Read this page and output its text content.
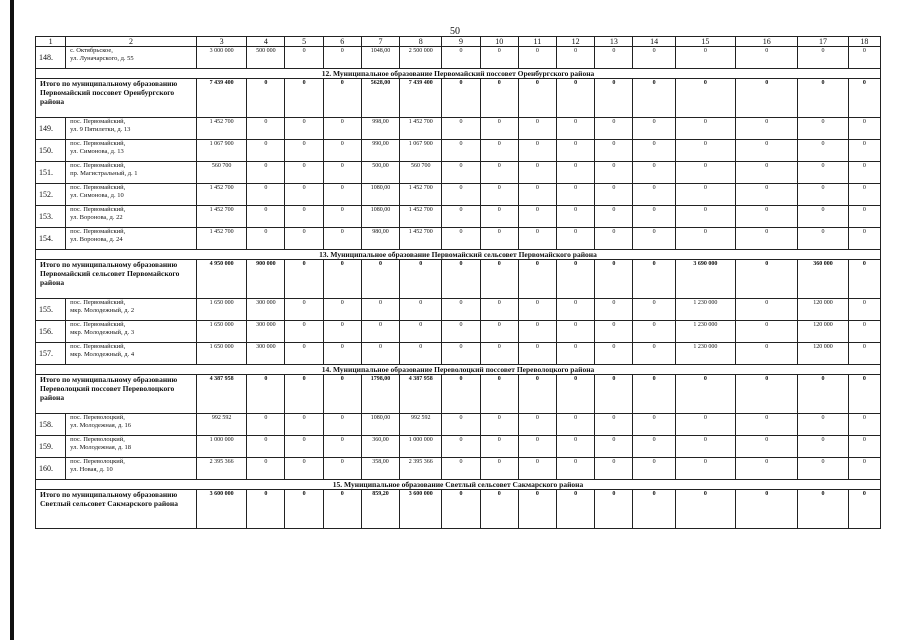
50
1	2	3	4	5	6	7	8	9	10	11	12	13	14	15	16	17	18
148.	с. Октябрьское,
ул. Луначарского, д. 55	3 000 000	500 000	0	0	1048,00	2 500 000	0	0	0	0	0	0	0	0	0	0
12. Муниципальное образование Первомайский поссовет Оренбургского района																	
Итого по муниципальному образованию Первомайский поссовет Оренбургского района		7 439 400	0	0	0	5628,00	7 439 400	0	0	0	0	0	0	0	0	0	0
149.	пос. Первомайский,
ул. 9 Пятилетки, д. 13	1 452 700	0	0	0	998,00	1 452 700	0	0	0	0	0	0	0	0	0	0
150.	пос. Первомайский,
ул. Симонова, д. 13	1 067 900	0	0	0	990,00	1 067 900	0	0	0	0	0	0	0	0	0	0
151.	пос. Первомайский,
пр. Магистральный, д. 1	560 700	0	0	0	500,00	560 700	0	0	0	0	0	0	0	0	0	0
152.	пос. Первомайский,
ул. Симонова, д. 10	1 452 700	0	0	0	1080,00	1 452 700	0	0	0	0	0	0	0	0	0	0
153.	пос. Первомайский,
ул. Воронова, д. 22	1 452 700	0	0	0	1080,00	1 452 700	0	0	0	0	0	0	0	0	0	0
154.	пос. Первомайский,
ул. Воронова, д. 24	1 452 700	0	0	0	980,00	1 452 700	0	0	0	0	0	0	0	0	0	0
13. Муниципальное образование Первомайский сельсовет Первомайского района																	
Итого по муниципальному образованию Первомайский сельсовет Первомайского района		4 950 000	900 000	0	0	0	0	0	0	0	0	0	0	3 690 000	0	360 000	0
155.	пос. Первомайский,
мкр. Молодежный, д. 2	1 650 000	300 000	0	0	0	0	0	0	0	0	0	0	1 230 000	0	120 000	0
156.	пос. Первомайский,
мкр. Молодежный, д. 3	1 650 000	300 000	0	0	0	0	0	0	0	0	0	0	1 230 000	0	120 000	0
157.	пос. Первомайский,
мкр. Молодежный, д. 4	1 650 000	300 000	0	0	0	0	0	0	0	0	0	0	1 230 000	0	120 000	0
14. Муниципальное образование Переволоцкий поссовет Переволоцкого района																	
Итого по муниципальному образованию Переволоцкий поссовет Переволоцкого района		4 387 958	0	0	0	1798,00	4 387 958	0	0	0	0	0	0	0	0	0	0
158.	пос. Переволоцкий,
ул. Молодежная, д. 16	992 592	0	0	0	1080,00	992 592	0	0	0	0	0	0	0	0	0	0
159.	пос. Переволоцкий,
ул. Молодежная, д. 18	1 000 000	0	0	0	360,00	1 000 000	0	0	0	0	0	0	0	0	0	0
160.	пос. Переволоцкий,
ул. Новая, д. 10	2 395 366	0	0	0	358,00	2 395 366	0	0	0	0	0	0	0	0	0	0
15. Муниципальное образование Светлый сельсовет Сакмарского района																	
Итого по муниципальному образованию Светлый сельсовет Сакмарского района		3 600 000	0	0	0	859,20	3 600 000	0	0	0	0	0	0	0	0	0	0
